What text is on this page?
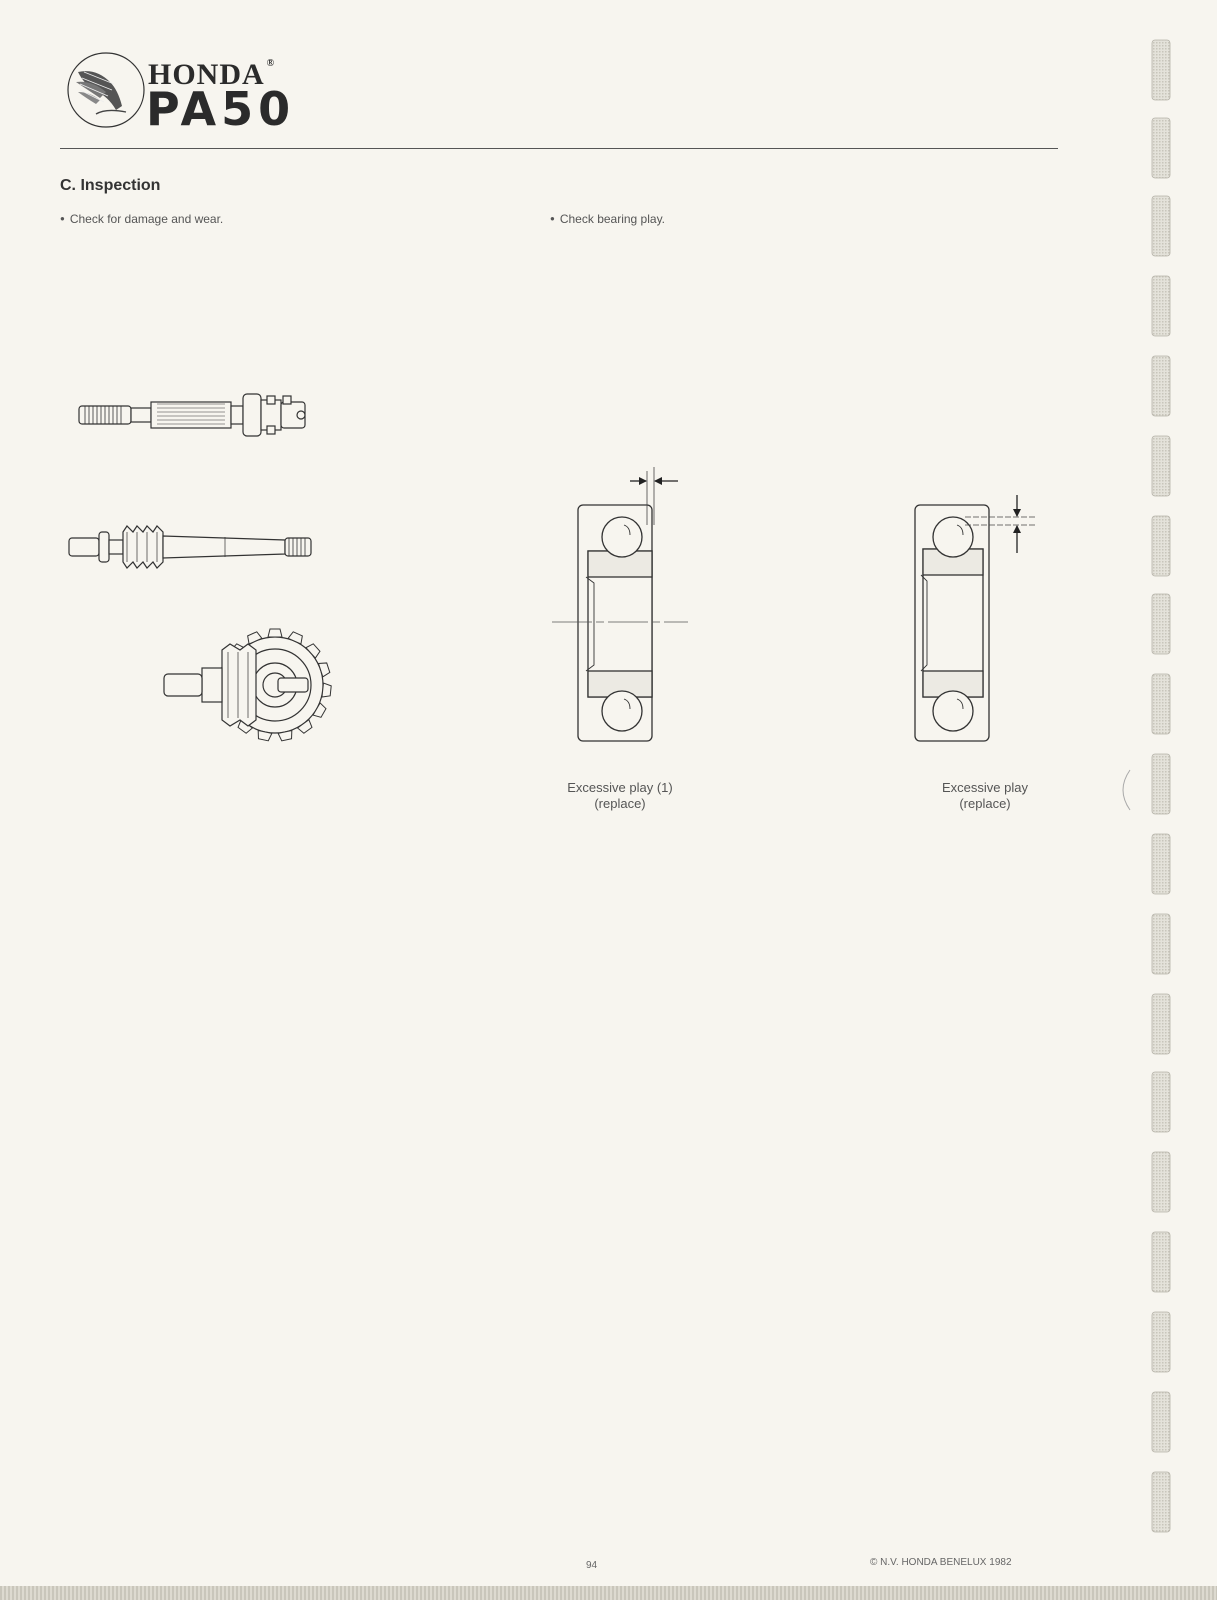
HONDA ®
PA50
C. Inspection
● Check for damage and wear.
●	Check bearing play.
Excessive play (1)
(replace)
Excessive play
(replace)
94	© N.V. HONDA BENELUX 1982
